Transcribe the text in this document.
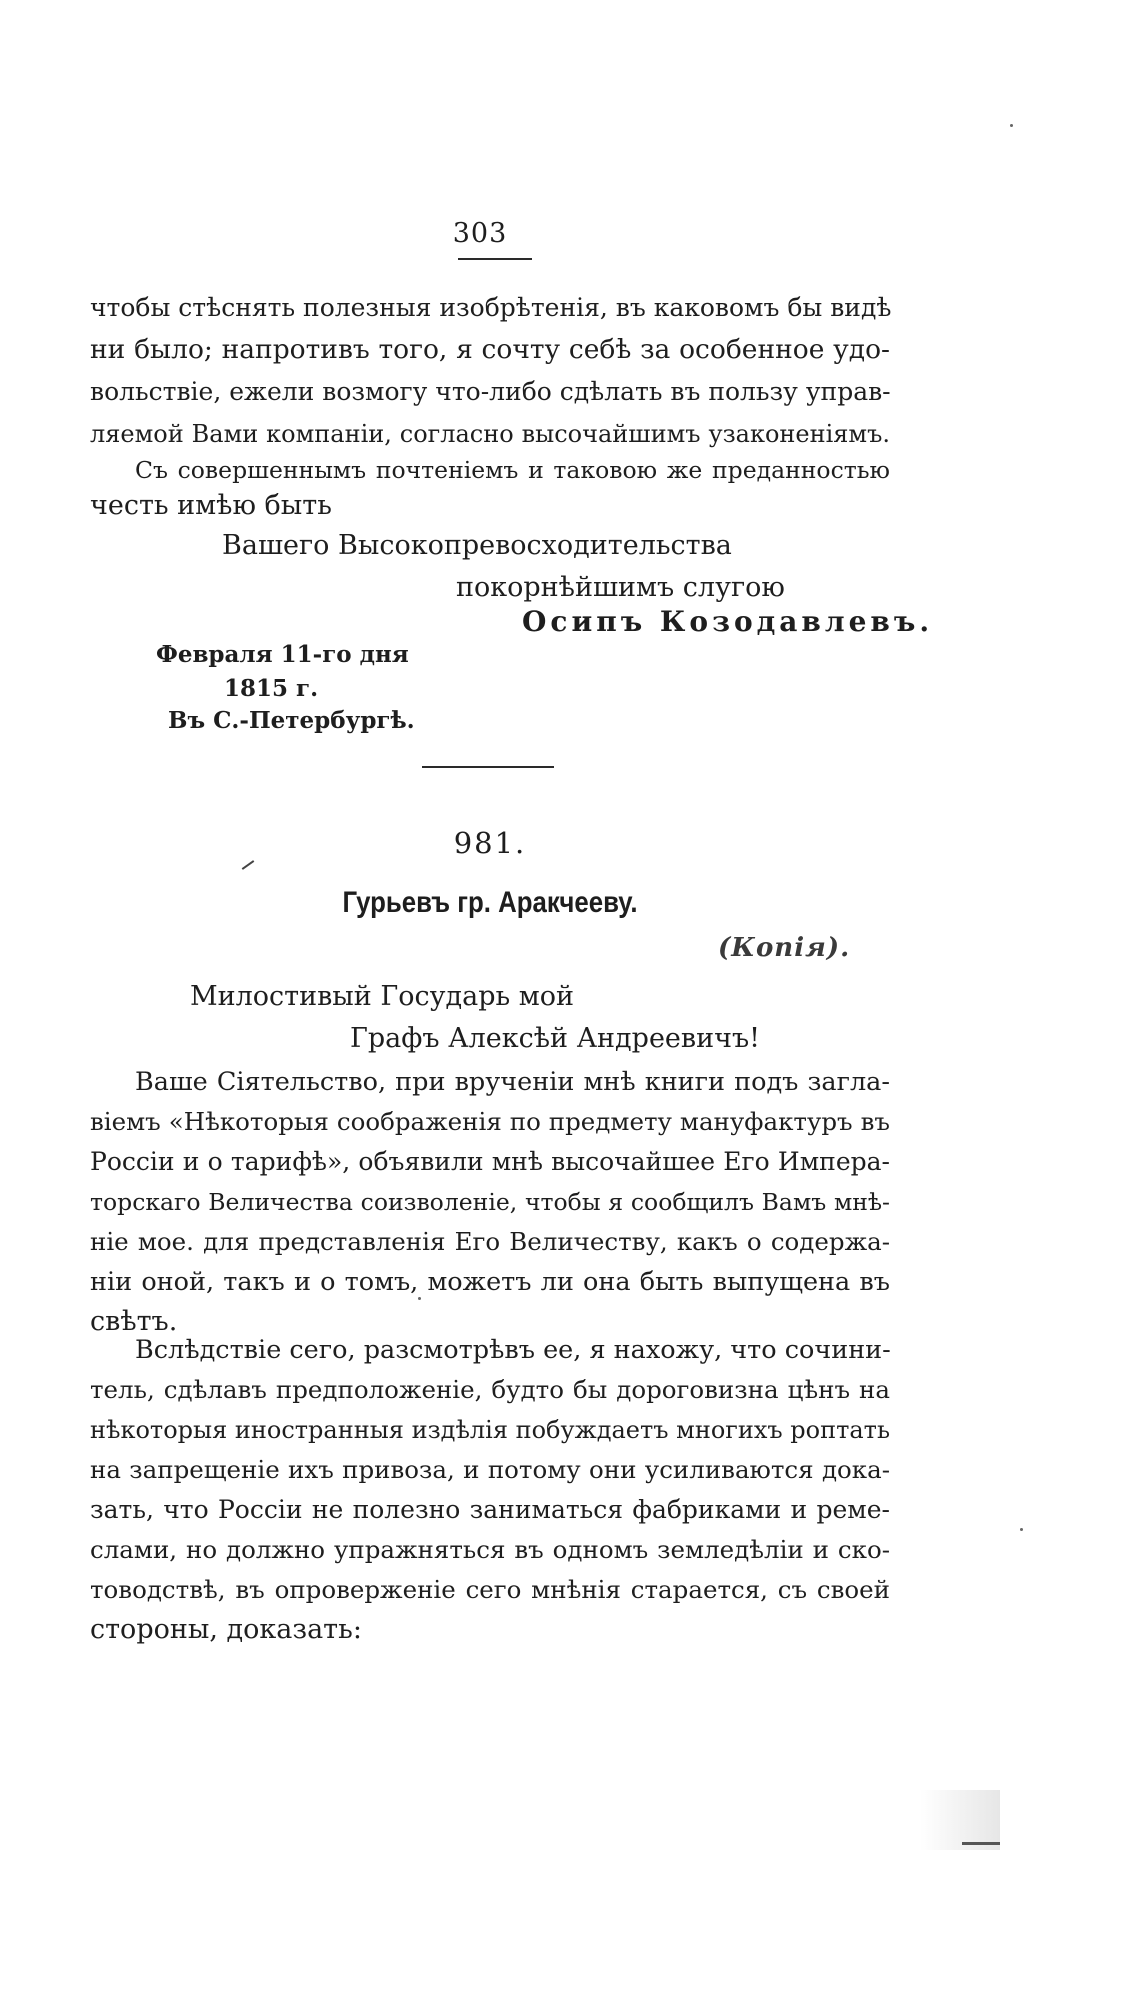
303
чтобы стѣснять полезныя изобрѣтенія, въ каковомъ бы видѣ
ни было; напротивъ того, я сочту себѣ за особенное удо-
вольствіе, ежели возмогу что-либо сдѣлать въ пользу управ-
ляемой Вами компаніи, согласно высочайшимъ узаконеніямъ.
Съ совершеннымъ почтеніемъ и таковою же преданностью
честь имѣю быть
Вашего Высокопревосходительства
покорнѣйшимъ слугою
Осипъ Козодавлевъ.
Февраля 11-го дня
1815 г.
Въ С.-Петербургѣ.
981.
Гурьевъ гр. Аракчееву.
(Копія).
Милостивый Государь мой
Графъ Алексѣй Андреевичъ!
Ваше Сіятельство, при врученіи мнѣ книги подъ загла-
віемъ «Нѣкоторыя соображенія по предмету мануфактуръ въ
Россіи и о тарифѣ», объявили мнѣ высочайшее Его Импера-
торскаго Величества соизволеніе, чтобы я сообщилъ Вамъ мнѣ-
ніе мое. для представленія Его Величеству, какъ о содержа-
ніи оной, такъ и о томъ, можетъ ли она быть выпущена въ
свѣтъ.
Вслѣдствіе сего, разсмотрѣвъ ее, я нахожу, что сочини-
тель, сдѣлавъ предположеніе, будто бы дороговизна цѣнъ на
нѣкоторыя иностранныя издѣлія побуждаетъ многихъ роптать
на запрещеніе ихъ привоза, и потому они усиливаются дока-
зать, что Россіи не полезно заниматься фабриками и реме-
слами, но должно упражняться въ одномъ земледѣліи и ско-
товодствѣ, въ опроверженіе сего мнѣнія старается, съ своей
стороны, доказать:
